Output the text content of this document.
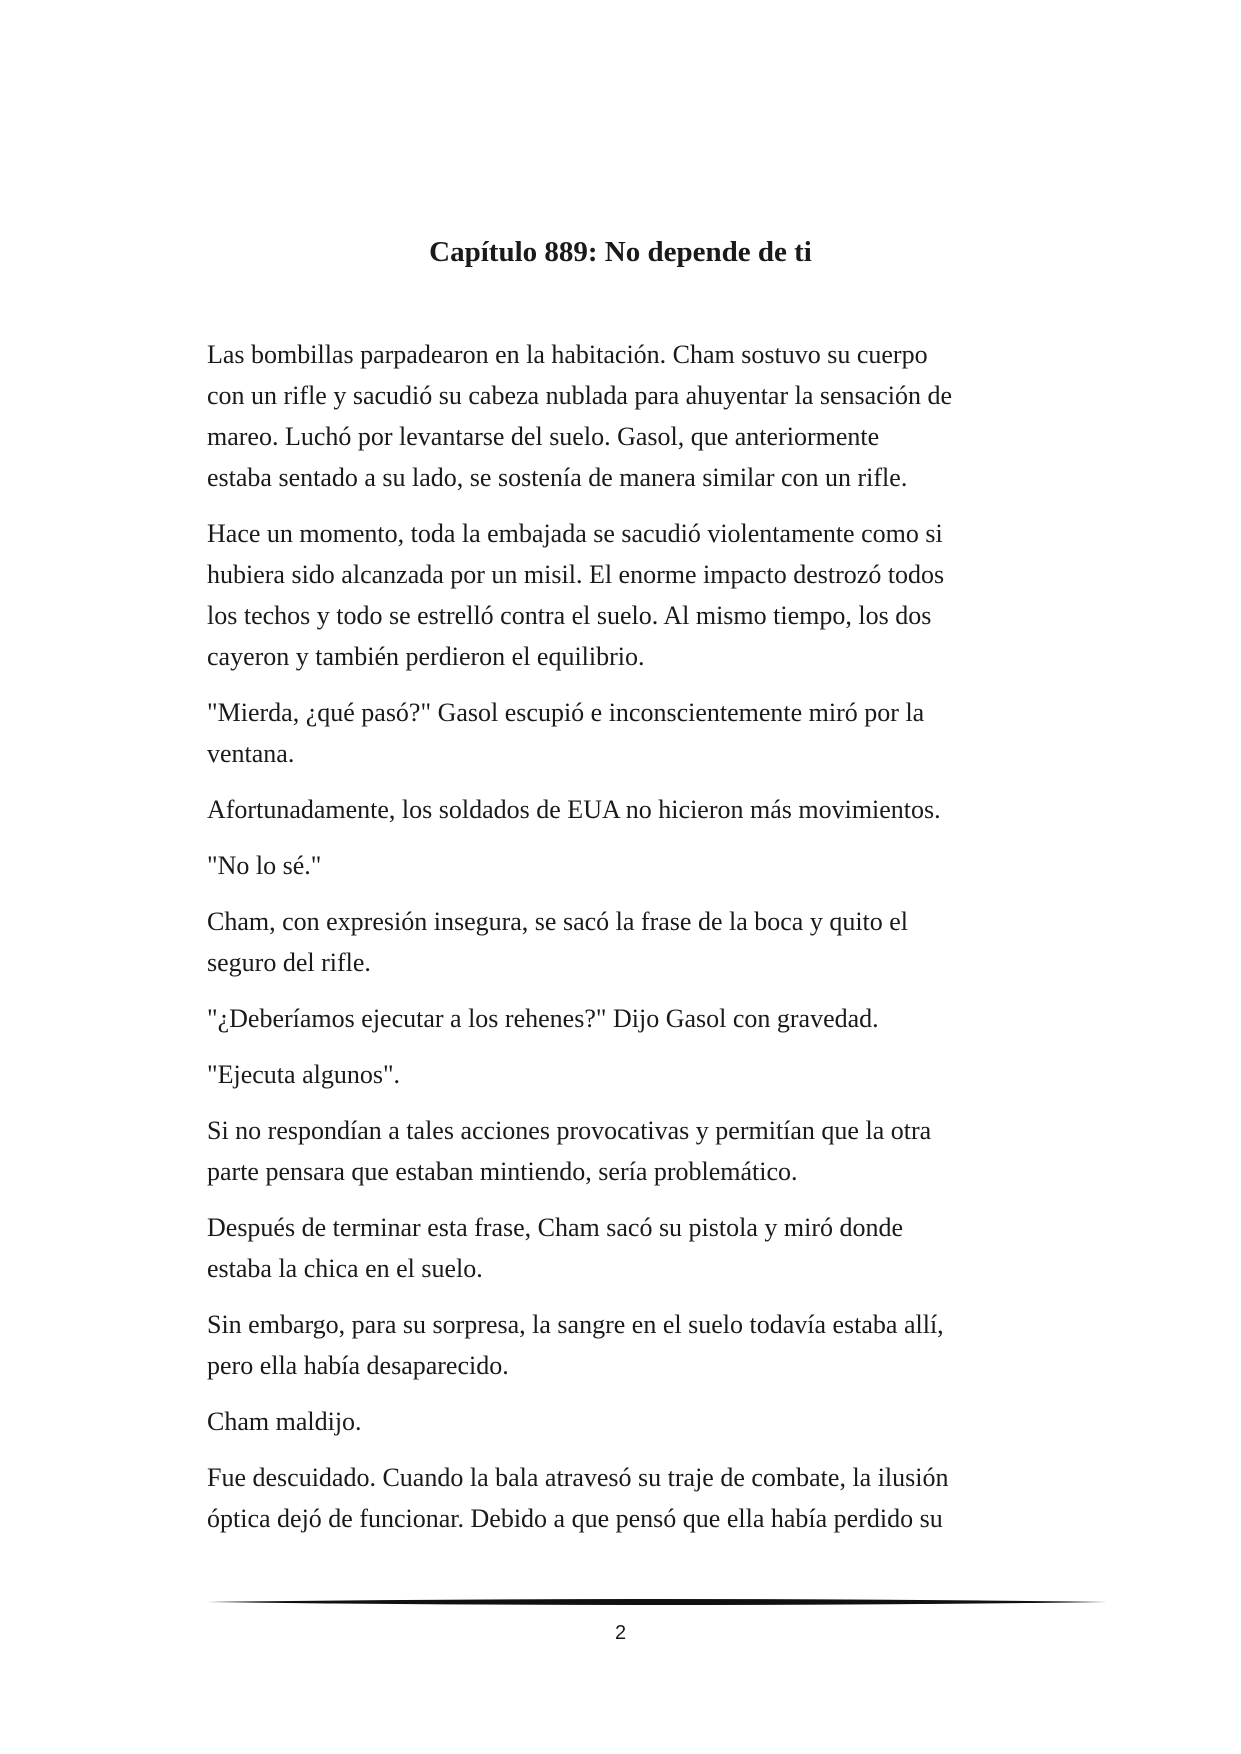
Capítulo 889: No depende de ti

Las bombillas parpadearon en la habitación. Cham sostuvo su cuerpo
con un rifle y sacudió su cabeza nublada para ahuyentar la sensación de
mareo. Luchó por levantarse del suelo. Gasol, que anteriormente
estaba sentado a su lado, se sostenía de manera similar con un rifle.

Hace un momento, toda la embajada se sacudió violentamente como si
hubiera sido alcanzada por un misil. El enorme impacto destrozó todos
los techos y todo se estrelló contra el suelo. Al mismo tiempo, los dos
cayeron y también perdieron el equilibrio.

"Mierda, ¿qué pasó?" Gasol escupió e inconscientemente miró por la
ventana.

Afortunadamente, los soldados de EUA no hicieron más movimientos.

"No lo sé."

Cham, con expresión insegura, se sacó la frase de la boca y quito el
seguro del rifle.

"¿Deberíamos ejecutar a los rehenes?" Dijo Gasol con gravedad.

"Ejecuta algunos".

Si no respondían a tales acciones provocativas y permitían que la otra
parte pensara que estaban mintiendo, sería problemático.

Después de terminar esta frase, Cham sacó su pistola y miró donde
estaba la chica en el suelo.

Sin embargo, para su sorpresa, la sangre en el suelo todavía estaba allí,
pero ella había desaparecido.

Cham maldijo.

Fue descuidado. Cuando la bala atravesó su traje de combate, la ilusión
óptica dejó de funcionar. Debido a que pensó que ella había perdido su

2
